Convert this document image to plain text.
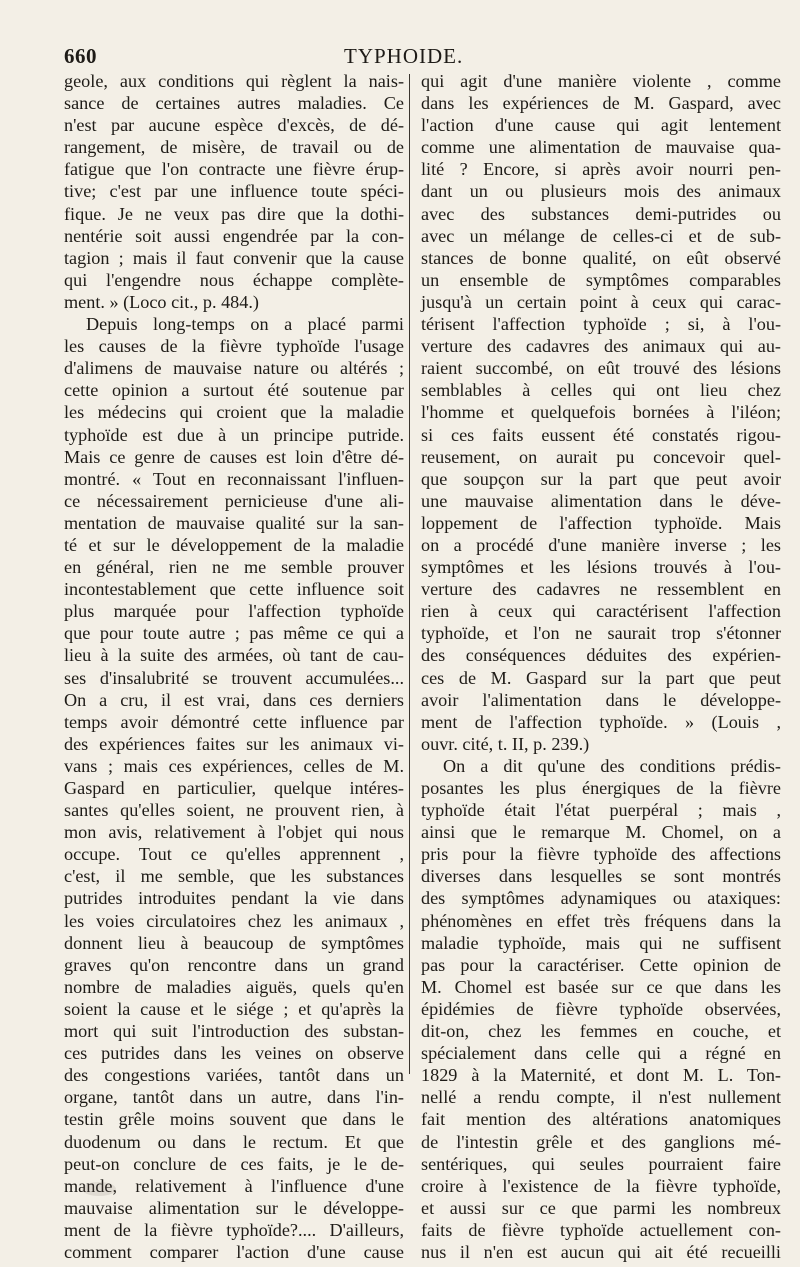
660	TYPHOIDE.
geole, aux conditions qui règlent la nais-
sance de certaines autres maladies. Ce
n'est par aucune espèce d'excès, de dé-
rangement, de misère, de travail ou de
fatigue que l'on contracte une fièvre érup-
tive; c'est par une influence toute spéci-
fique. Je ne veux pas dire que la dothi-
nentérie soit aussi engendrée par la con-
tagion ; mais il faut convenir que la cause
qui l'engendre nous échappe complète-
ment. » (Loco cit., p. 484.)
Depuis long-temps on a placé parmi
les causes de la fièvre typhoïde l'usage
d'alimens de mauvaise nature ou altérés ;
cette opinion a surtout été soutenue par
les médecins qui croient que la maladie
typhoïde est due à un principe putride.
Mais ce genre de causes est loin d'être dé-
montré. « Tout en reconnaissant l'influen-
ce nécessairement pernicieuse d'une ali-
mentation de mauvaise qualité sur la san-
té et sur le développement de la maladie
en général, rien ne me semble prouver
incontestablement que cette influence soit
plus marquée pour l'affection typhoïde
que pour toute autre ; pas même ce qui a
lieu à la suite des armées, où tant de cau-
ses d'insalubrité se trouvent accumulées...
On a cru, il est vrai, dans ces derniers
temps avoir démontré cette influence par
des expériences faites sur les animaux vi-
vans ; mais ces expériences, celles de M.
Gaspard en particulier, quelque intéres-
santes qu'elles soient, ne prouvent rien, à
mon avis, relativement à l'objet qui nous
occupe. Tout ce qu'elles apprennent ,
c'est, il me semble, que les substances
putrides introduites pendant la vie dans
les voies circulatoires chez les animaux ,
donnent lieu à beaucoup de symptômes
graves qu'on rencontre dans un grand
nombre de maladies aiguës, quels qu'en
soient la cause et le siége ; et qu'après la
mort qui suit l'introduction des substan-
ces putrides dans les veines on observe
des congestions variées, tantôt dans un
organe, tantôt dans un autre, dans l'in-
testin grêle moins souvent que dans le
duodenum ou dans le rectum. Et que
peut-on conclure de ces faits, je le de-
mande, relativement à l'influence d'une
mauvaise alimentation sur le développe-
ment de la fièvre typhoïde?.... D'ailleurs,
comment comparer l'action d'une cause
qui agit d'une manière violente , comme
dans les expériences de M. Gaspard, avec
l'action d'une cause qui agit lentement
comme une alimentation de mauvaise qua-
lité ? Encore, si après avoir nourri pen-
dant un ou plusieurs mois des animaux
avec des substances demi-putrides ou
avec un mélange de celles-ci et de sub-
stances de bonne qualité, on eût observé
un ensemble de symptômes comparables
jusqu'à un certain point à ceux qui carac-
térisent l'affection typhoïde ; si, à l'ou-
verture des cadavres des animaux qui au-
raient succombé, on eût trouvé des lésions
semblables à celles qui ont lieu chez
l'homme et quelquefois bornées à l'iléon;
si ces faits eussent été constatés rigou-
reusement, on aurait pu concevoir quel-
que soupçon sur la part que peut avoir
une mauvaise alimentation dans le déve-
loppement de l'affection typhoïde. Mais
on a procédé d'une manière inverse ; les
symptômes et les lésions trouvés à l'ou-
verture des cadavres ne ressemblent en
rien à ceux qui caractérisent l'affection
typhoïde, et l'on ne saurait trop s'étonner
des conséquences déduites des expérien-
ces de M. Gaspard sur la part que peut
avoir l'alimentation dans le développe-
ment de l'affection typhoïde. » (Louis ,
ouvr. cité, t. II, p. 239.)
On a dit qu'une des conditions prédis-
posantes les plus énergiques de la fièvre
typhoïde était l'état puerpéral ; mais ,
ainsi que le remarque M. Chomel, on a
pris pour la fièvre typhoïde des affections
diverses dans lesquelles se sont montrés
des symptômes adynamiques ou ataxiques:
phénomènes en effet très fréquens dans la
maladie typhoïde, mais qui ne suffisent
pas pour la caractériser. Cette opinion de
M. Chomel est basée sur ce que dans les
épidémies de fièvre typhoïde observées,
dit-on, chez les femmes en couche, et
spécialement dans celle qui a régné en
1829 à la Maternité, et dont M. L. Ton-
nellé a rendu compte, il n'est nullement
fait mention des altérations anatomiques
de l'intestin grêle et des ganglions mé-
sentériques, qui seules pourraient faire
croire à l'existence de la fièvre typhoïde,
et aussi sur ce que parmi les nombreux
faits de fièvre typhoïde actuellement con-
nus il n'en est aucun qui ait été recueilli
